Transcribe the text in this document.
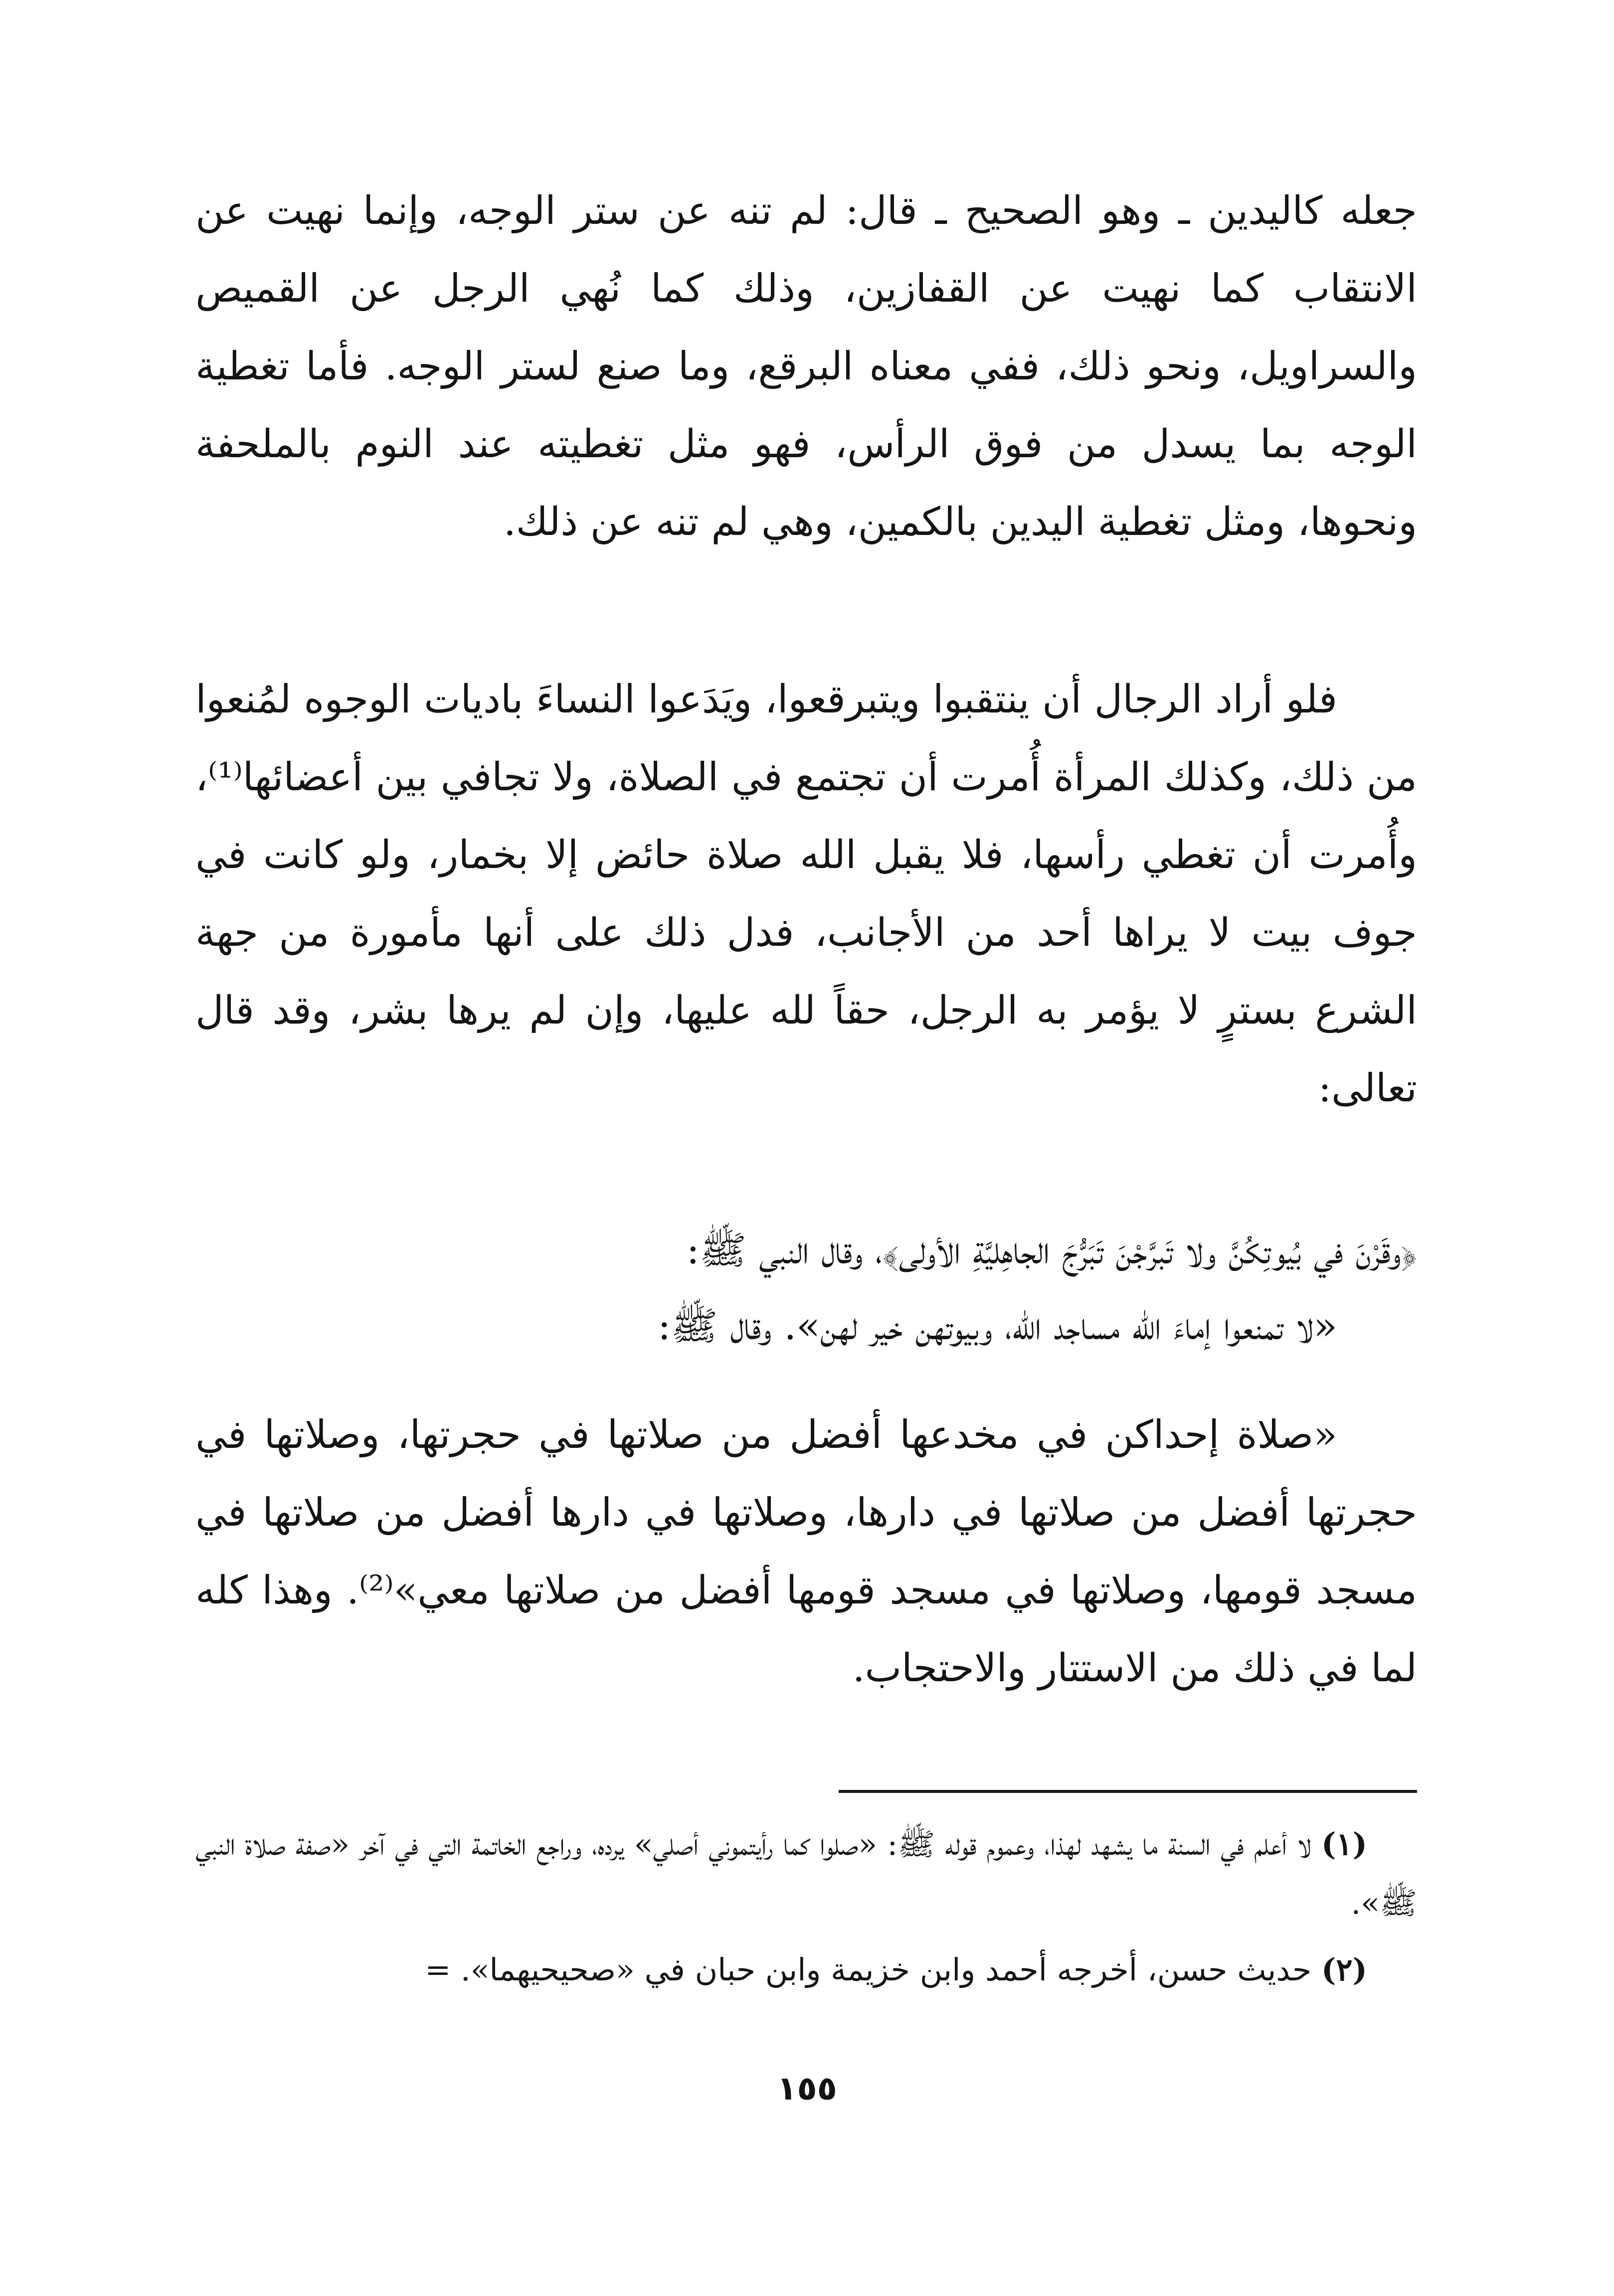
جعله كاليدين ـ وهو الصحيح ـ قال: لم تنه عن ستر الوجه، وإنما نهيت عن الانتقاب كما نهيت عن القفازين، وذلك كما نُهي الرجل عن القميص والسراويل، ونحو ذلك، ففي معناه البرقع، وما صنع لستر الوجه. فأما تغطية الوجه بما يسدل من فوق الرأس، فهو مثل تغطيته عند النوم بالملحفة ونحوها، ومثل تغطية اليدين بالكمين، وهي لم تنه عن ذلك.

فلو أراد الرجال أن ينتقبوا ويتبرقعوا، ويَدَعوا النساءَ باديات الوجوه لمُنعوا من ذلك، وكذلك المرأة أُمرت أن تجتمع في الصلاة، ولا تجافي بين أعضائها⁽¹⁾، وأُمرت أن تغطي رأسها، فلا يقبل الله صلاة حائض إلا بخمار، ولو كانت في جوف بيت لا يراها أحد من الأجانب، فدل ذلك على أنها مأمورة من جهة الشرع بسترٍ لا يؤمر به الرجل، حقاً لله عليها، وإن لم يرها بشر، وقد قال تعالى:

﴿وقَرْنَ في بُيوتِكُنَّ ولا تَبرَّجْنَ تَبَرُّجَ الجاهِليَّةِ الأولى﴾، وقال النبي ﷺ:

«لا تمنعوا إماءَ الله مساجد الله، وبيوتهن خير لهن». وقال ﷺ:

«صلاة إحداكن في مخدعها أفضل من صلاتها في حجرتها، وصلاتها في حجرتها أفضل من صلاتها في دارها، وصلاتها في دارها أفضل من صلاتها في مسجد قومها، وصلاتها في مسجد قومها أفضل من صلاتها معي»⁽²⁾. وهذا كله لما في ذلك من الاستتار والاحتجاب.

(١) لا أعلم في السنة ما يشهد لهذا، وعموم قوله ﷺ: «صلوا كما رأيتموني أصلي» يرده، وراجع الخاتمة التي في آخر «صفة صلاة النبي ﷺ».

(٢) حديث حسن، أخرجه أحمد وابن خزيمة وابن حبان في «صحيحيهما». =

١٥٥
